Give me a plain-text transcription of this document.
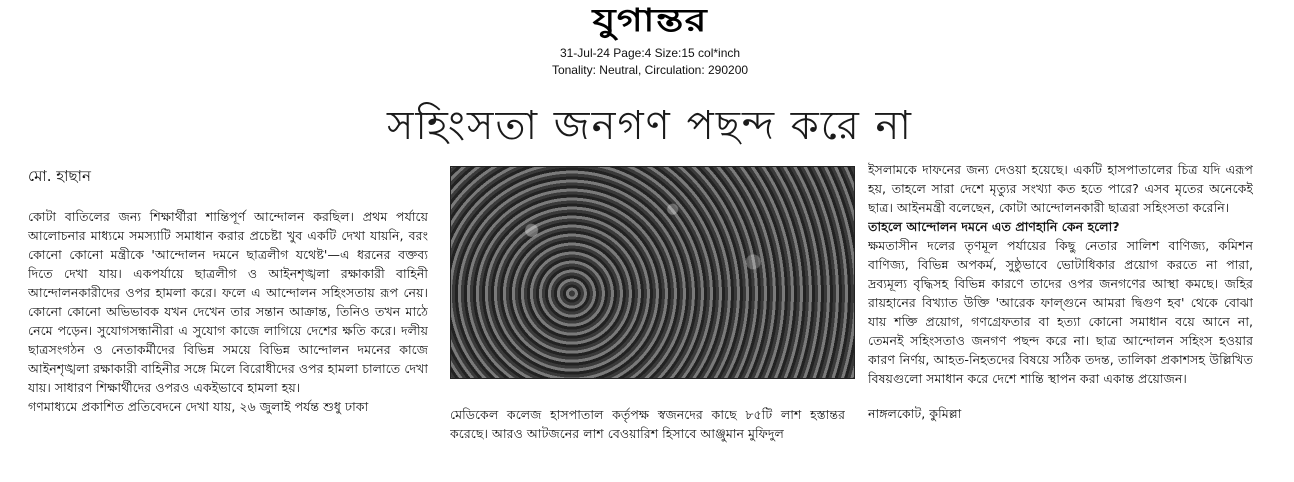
যুগান্তর
31-Jul-24 Page:4 Size:15 col*inch
Tonality: Neutral, Circulation: 290200
সহিংসতা জনগণ পছন্দ করে না
মো. হাছান

কোটা বাতিলের জন্য শিক্ষার্থীরা শান্তিপূর্ণ আন্দোলন করছিল। প্রথম পর্যায়ে আলোচনার মাধ্যমে সমস্যাটি সমাধান করার প্রচেষ্টা খুব একটি দেখা যায়নি, বরং কোনো কোনো মন্ত্রীকে 'আন্দোলন দমনে ছাত্রলীগ যথেষ্ট'—এ ধরনের বক্তব্য দিতে দেখা যায়। একপর্যায়ে ছাত্রলীগ ও আইনশৃঙ্খলা রক্ষাকারী বাহিনী আন্দোলনকারীদের ওপর হামলা করে। ফলে এ আন্দোলন সহিংসতায় রূপ নেয়। কোনো কোনো অভিভাবক যখন দেখেন তার সন্তান আক্রান্ত, তিনিও তখন মাঠে নেমে পড়েন। সুযোগসন্ধানীরা এ সুযোগ কাজে লাগিয়ে দেশের ক্ষতি করে। দলীয় ছাত্রসংগঠন ও নেতাকর্মীদের বিভিন্ন সময়ে বিভিন্ন আন্দোলন দমনের কাজে আইনশৃঙ্খলা রক্ষাকারী বাহিনীর সঙ্গে মিলে বিরোধীদের ওপর হামলা চালাতে দেখা যায়। সাধারণ শিক্ষার্থীদের ওপরও একইভাবে হামলা হয়।

গণমাধ্যমে প্রকাশিত প্রতিবেদনে দেখা যায়, ২৬ জুলাই পর্যন্ত শুধু ঢাকা

মেডিকেল কলেজ হাসপাতাল কর্তৃপক্ষ স্বজনদের কাছে ৮৫টি লাশ হস্তান্তর করেছে। আরও আটজনের লাশ বেওয়ারিশ হিসাবে আঞ্জুমান মুফিদুল

ইসলামকে দাফনের জন্য দেওয়া হয়েছে। একটি হাসপাতালের চিত্র যদি এরূপ হয়, তাহলে সারা দেশে মৃত্যুর সংখ্যা কত হতে পারে? এসব মৃতের অনেকেই ছাত্র। আইনমন্ত্রী বলেছেন, কোটা আন্দোলনকারী ছাত্ররা সহিংসতা করেনি।

তাহলে আন্দোলন দমনে এত প্রাণহানি কেন হলো?

ক্ষমতাসীন দলের তৃণমূল পর্যায়ের কিছু নেতার সালিশ বাণিজ্য, কমিশন বাণিজ্য, বিভিন্ন অপকর্ম, সুষ্ঠুভাবে ভোটাধিকার প্রয়োগ করতে না পারা, দ্রব্যমূল্য বৃদ্ধিসহ বিভিন্ন কারণে তাদের ওপর জনগণের আস্থা কমছে। জহির রায়হানের বিখ্যাত উক্তি 'আরেক ফাল্গুনে আমরা দ্বিগুণ হব' থেকে বোঝা যায় শক্তি প্রয়োগ, গণগ্রেফতার বা হত্যা কোনো সমাধান বয়ে আনে না, তেমনই সহিংসতাও জনগণ পছন্দ করে না। ছাত্র আন্দোলন সহিংস হওয়ার কারণ নির্ণয়, আহত-নিহতদের বিষয়ে সঠিক তদন্ত, তালিকা প্রকাশসহ উল্লিখিত বিষয়গুলো সমাধান করে দেশে শান্তি স্থাপন করা একান্ত প্রয়োজন।

নাঙ্গলকোট, কুমিল্লা
